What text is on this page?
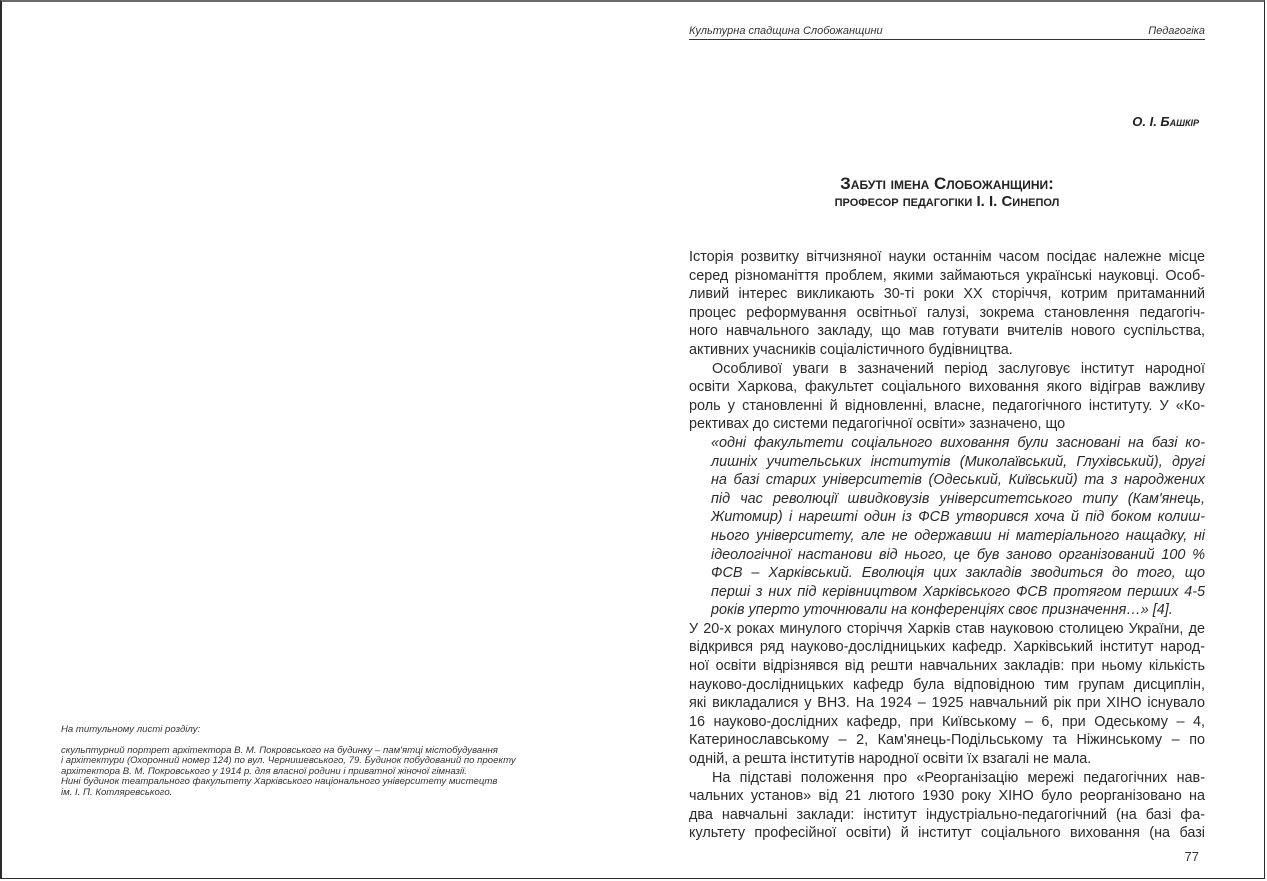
На титульному листі розділу:
скульптурний портрет архітектора В. М. Покровського на будинку – пам'ятці містобудування
і архітектури (Охоронний номер 124) по вул. Чернишевського, 79. Будинок побудований по проекту
архітектора В. М. Покровського у 1914 р. для власної родини і приватної жіночої гімназії.
Нині будинок театрального факультету Харківського національного університету мистецтв
ім. І. П. Котляревського.
Культурна спадщина Слобожанщини	Педагогіка
О. І. Башкір
Забуті імена Слобожанщини:
професор педагогіки І. І. Синепол
Історія розвитку вітчизняної науки останнім часом посідає належне місце
серед різноманіття проблем, якими займаються українські науковці. Особ-
ливий інтерес викликають 30-ті роки XX сторіччя, котрим притаманний
процес реформування освітньої галузі, зокрема становлення педагогіч-
ного навчального закладу, що мав готувати вчителів нового суспільства,
активних учасників соціалістичного будівництва.
Особливої уваги в зазначений період заслуговує інститут народної
освіти Харкова, факультет соціального виховання якого відіграв важливу
роль у становленні й відновленні, власне, педагогічного інституту. У «Ко-
рективах до системи педагогічної освіти» зазначено, що
«одні факультети соціального виховання були засновані на базі ко-
лишніх учительських інститутів (Миколаївський, Глухівський), другі
на базі старих університетів (Одеський, Київський) та з народжених
під час революції швидковузів університетського типу (Кам'янець,
Житомир) і нарешті один із ФСВ утворився хоча й під боком колиш-
нього університету, але не одержавши ні матеріального нащадку, ні
ідеологічної настанови від нього, це був заново організований 100 %
ФСВ – Харківський. Еволюція цих закладів зводиться до того, що
перші з них під керівництвом Харківського ФСВ протягом перших 4-5
років уперто уточнювали на конференціях своє призначення…» [4].
У 20-х роках минулого сторіччя Харків став науковою столицею України, де
відкрився ряд науково-дослідницьких кафедр. Харківський інститут народ-
ної освіти відрізнявся від решти навчальних закладів: при ньому кількість
науково-дослідницьких кафедр була відповідною тим групам дисциплін,
які викладалися у ВНЗ. На 1924 – 1925 навчальний рік при ХІНО існувало
16 науково-дослідних кафедр, при Київському – 6, при Одеському – 4,
Катеринославському – 2, Кам'янець-Подільському та Ніжинському – по
одній, а решта інститутів народної освіти їх взагалі не мала.
На підставі положення про «Реорганізацію мережі педагогічних нав-
чальних установ» від 21 лютого 1930 року ХІНО було реорганізовано на
два навчальні заклади: інститут індустріально-педагогічний (на базі фа-
культету професійної освіти) й інститут соціального виховання (на базі
77
